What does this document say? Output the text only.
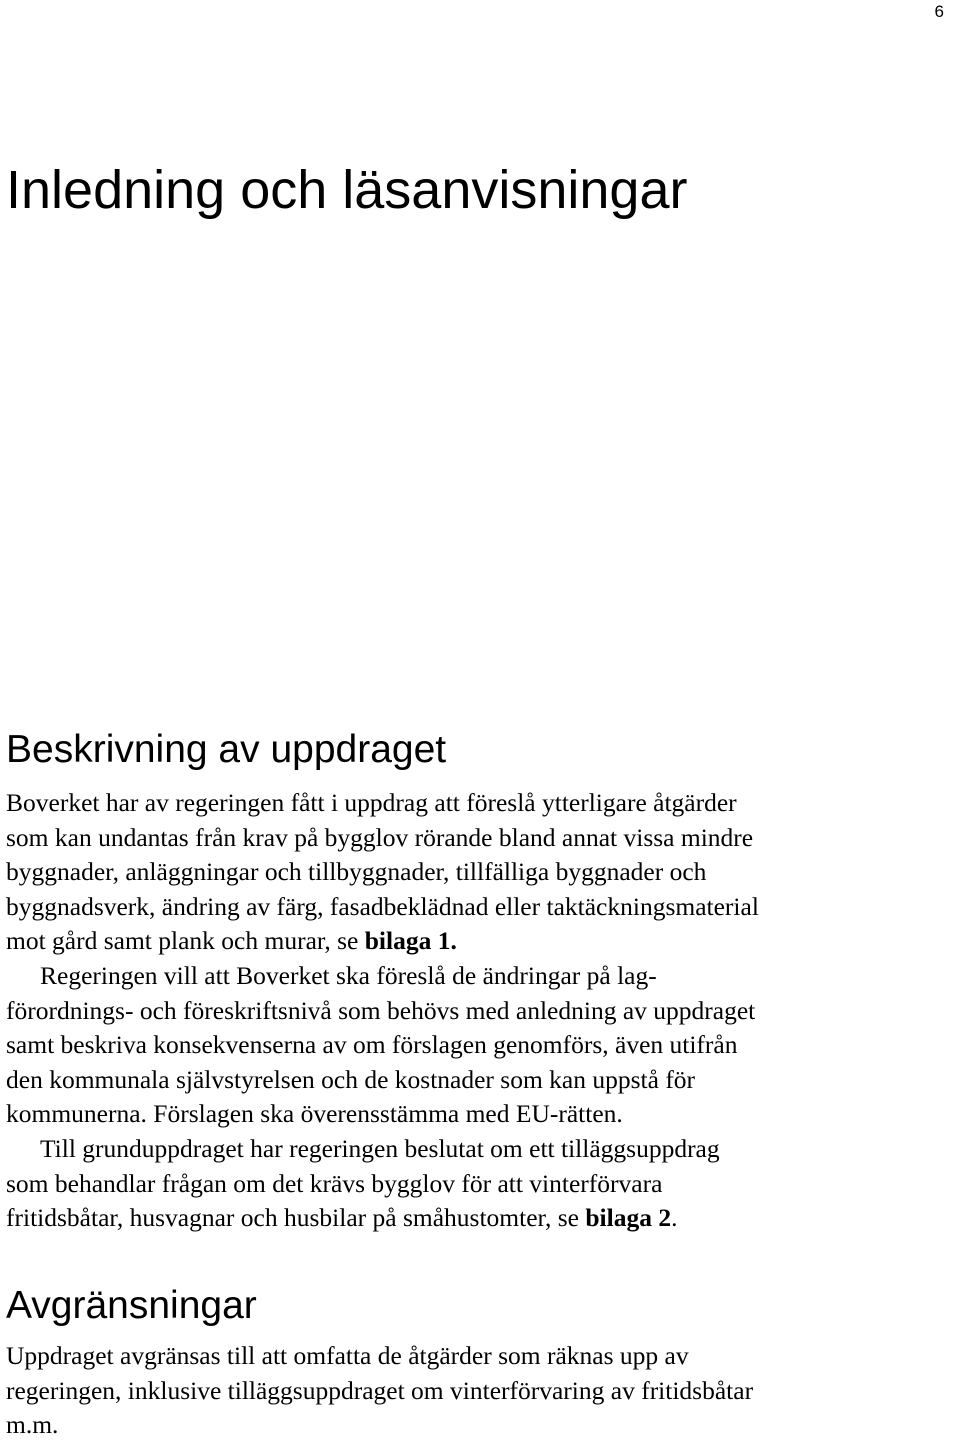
6
Inledning och läsanvisningar
Beskrivning av uppdraget

Boverket har av regeringen fått i uppdrag att föreslå ytterligare åtgärder
som kan undantas från krav på bygglov rörande bland annat vissa mindre
byggnader, anläggningar och tillbyggnader, tillfälliga byggnader och
byggnadsverk, ändring av färg, fasadbeklädnad eller taktäckningsmaterial
mot gård samt plank och murar, se bilaga 1.

Regeringen vill att Boverket ska föreslå de ändringar på lag-
förordnings- och föreskriftsnivå som behövs med anledning av uppdraget
samt beskriva konsekvenserna av om förslagen genomförs, även utifrån
den kommunala självstyrelsen och de kostnader som kan uppstå för
kommunerna. Förslagen ska överensstämma med EU-rätten.

Till grunduppdraget har regeringen beslutat om ett tilläggsuppdrag
som behandlar frågan om det krävs bygglov för att vinterförvara
fritidsbåtar, husvagnar och husbilar på småhustomter, se bilaga 2.

Avgränsningar

Uppdraget avgränsas till att omfatta de åtgärder som räknas upp av
regeringen, inklusive tilläggsuppdraget om vinterförvaring av fritidsbåtar
m.m.
